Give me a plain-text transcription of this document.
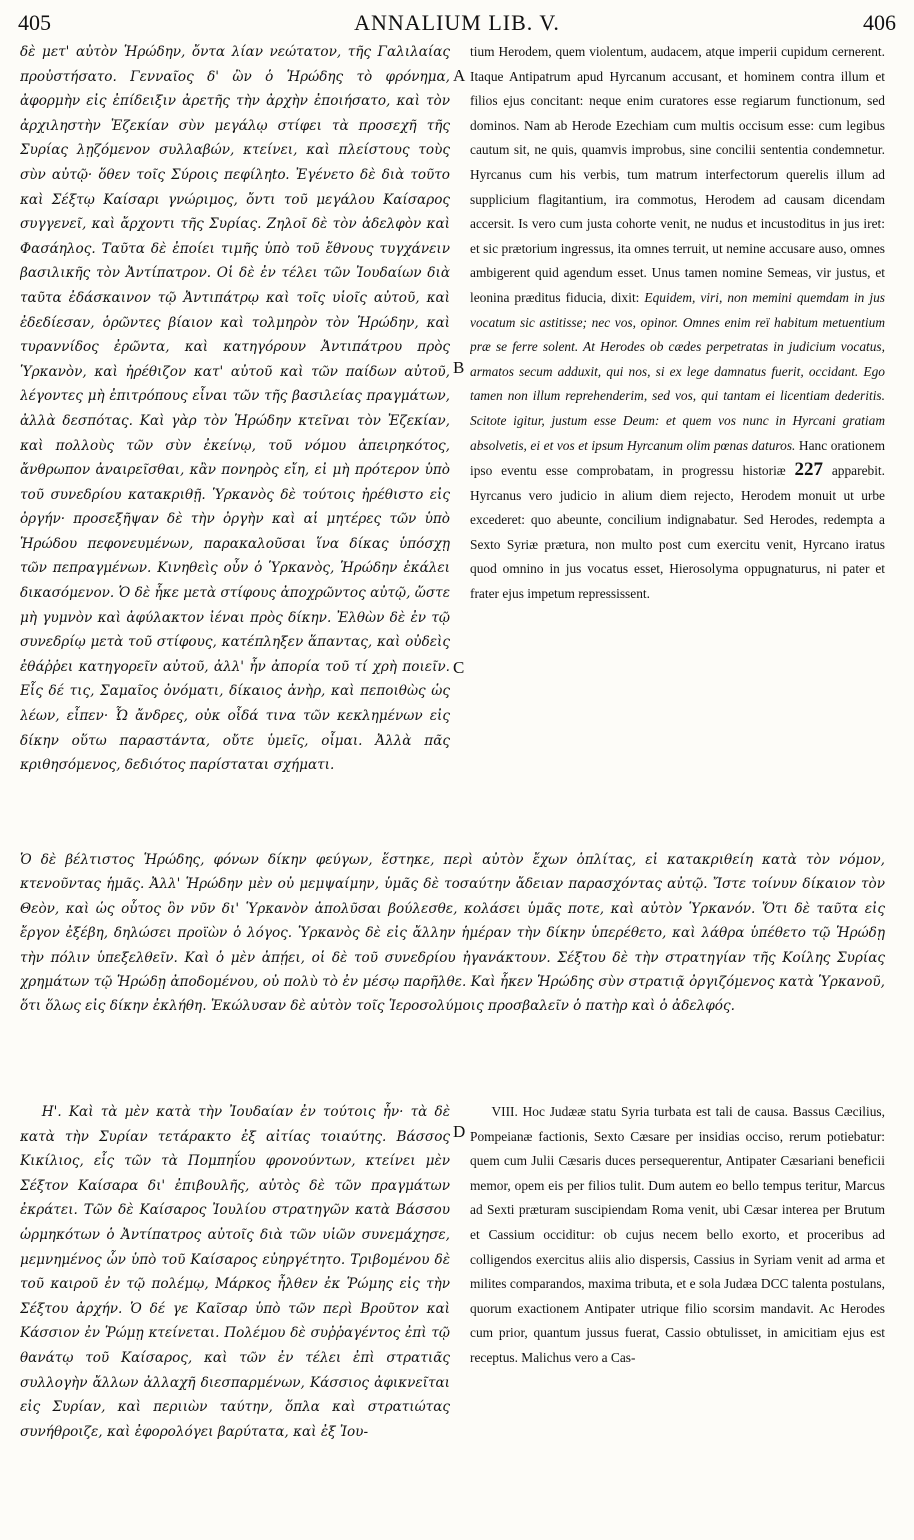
405	ANNALIUM LIB. V.	406

δὲ μετ' αὐτὸν Ἡρώδην, ὄντα λίαν νεώτατον, τῆς Γαλιλαίας προὐστήσατο. Γενναῖος δ' ὢν ὁ Ἡρώδης τὸ φρόνημα, ἀφορμὴν εἰς ἐπίδειξιν ἀρετῆς τὴν ἀρχὴν ἐποιήσατο, καὶ τὸν ἀρχιληστὴν Ἐζεκίαν σὺν μεγάλῳ στίφει τὰ προσεχῆ τῆς Συρίας λῃζόμενον συλλαβών, κτείνει, καὶ πλείστους τοὺς σὺν αὐτῷ· ὅθεν τοῖς Σύροις πεφίληto. Ἐγένετο δὲ διὰ τοῦτο καὶ Σέξτῳ Καίσαρι γνώριμος, ὄντι τοῦ μεγάλου Καίσαρος συγγενεῖ, καὶ ἄρχοντι τῆς Συρίας. Ζηλοῖ δὲ τὸν ἀδελφὸν καὶ Φασάηλος. Ταῦτα δὲ ἐποίει τιμῆς ὑπὸ τοῦ ἔθνους τυγχάνειν βασιλικῆς τὸν Ἀντίπατρον. Οἱ δὲ ἐν τέλει τῶν Ἰουδαίων διὰ ταῦτα ἐδάσκαινον τῷ Ἀντιπάτρῳ καὶ τοῖς υἱοῖς αὐτοῦ, καὶ ἐδεδίεσαν, ὁρῶντες βίαιον καὶ τολμηρὸν τὸν Ἡρώδην, καὶ τυραννίδος ἐρῶντα, καὶ κατηγόρουν Ἀντιπάτρου πρὸς Ὑρκανὸν, καὶ ἠρέθιζον κατ' αὐτοῦ καὶ τῶν παίδων αὐτοῦ, λέγοντες μὴ ἐπιτρόπους εἶναι τῶν τῆς βασιλείας πραγμάτων, ἀλλὰ δεσπότας. Καὶ γὰρ τὸν Ἡρώδην κτεῖναι τὸν Ἐζεκίαν, καὶ πολλοὺς τῶν σὺν ἐκείνῳ, τοῦ νόμου ἀπειρηκότος, ἄνθρωπον ἀναιρεῖσθαι, κἂν πονηρὸς εἴη, εἰ μὴ πρότερον ὑπὸ τοῦ συνεδρίου κατακριθῇ. Ὑρκανὸς δὲ τούτοις ἠρέθιστο εἰς ὀργήν· προσεξῆψαν δὲ τὴν ὀργὴν καὶ αἱ μητέρες τῶν ὑπὸ Ἡρώδου πεφονευμένων, παρακαλοῦσαι ἵνα δίκας ὑπόσχῃ τῶν πεπραγμένων. Κινηθεὶς οὖν ὁ Ὑρκανὸς, Ἡρώδην ἐκάλει δικασόμενον. Ὁ δὲ ἧκε μετὰ στίφους ἀποχρῶντος αὐτῷ, ὥστε μὴ γυμνὸν καὶ ἀφύλακτον ἰέναι πρὸς δίκην. Ἐλθὼν δὲ ἐν τῷ συνεδρίῳ μετὰ τοῦ στίφους, κατέπληξεν ἅπαντας, καὶ οὐδεὶς ἐθάῤῥει κατηγορεῖν αὐτοῦ, ἀλλ' ἦν ἀπορία τοῦ τί χρὴ ποιεῖν. Εἷς δέ τις, Σαμαῖος ὀνόματι, δίκαιος ἀνὴρ, καὶ πεποιθὼς ὡς λέων, εἶπεν· Ὦ ἄνδρες, οὐκ οἶδά τινα τῶν κεκλημένων εἰς δίκην οὕτω παραστάντα, οὔτε ὑμεῖς, οἶμαι. Ἀλλὰ πᾶς κριθησόμενος, δεδιότος παρίσταται σχήματι.

tium Herodem, quem violentum, audacem, atque imperii cupidum cernerent. Itaque Antipatrum apud Hyrcanum accusant, et hominem contra illum et filios ejus concitant: neque enim curatores esse regiarum functionum, sed dominos. Nam ab Herode Ezechiam cum multis occisum esse: cum legibus cautum sit, ne quis, quamvis improbus, sine concilii sententia condemnetur. Hyrcanus cum his verbis, tum matrum interfectorum querelis illum ad supplicium flagitantium, ira commotus, Herodem ad causam dicendam accersit. Is vero cum justa cohorte venit, ne nudus et incustoditus in jus iret: et sic prætorium ingressus, ita omnes terruit, ut nemine accusare auso, omnes ambigerent quid agendum esset. Unus tamen nomine Semeas, vir justus, et leonina præditus fiducia, dixit: Equidem, viri, non memini quemdam in jus vocatum sic astitisse; nec vos, opinor. Omnes enim reï habitum metuentium præ se ferre solent. At Herodes ob cædes perpetratas in judicium vocatus, armatos secum adduxit, qui nos, si ex lege damnatus fuerit, occidant. Ego tamen non illum reprehenderim, sed vos, qui tantam ei licentiam dederitis. Scitote igitur, justum esse Deum: et quem vos nunc in Hyrcani gratiam absolvetis, ei et vos et ipsum Hyrcanum olim pœnas daturos. Hanc orationem ipso eventu esse comprobatam, in progressu historiæ 227 apparebit. Hyrcanus vero judicio in alium diem rejecto, Herodem monuit ut urbe excederet: quo abeunte, concilium indignabatur. Sed Herodes, redempta a Sexto Syriæ prætura, non multo post cum exercitu venit, Hyrcano iratus quod omnino in jus vocatus esset, Hierosolyma oppugnaturus, ni pater et frater ejus impetum repressissent.

A
B
C
D

Ὁ δὲ βέλτιστος Ἡρώδης, φόνων δίκην φεύγων, ἕστηκε, περὶ αὐτὸν ἔχων ὁπλίτας, εἰ κατακριθείη κατὰ τὸν νόμον, κτενοῦντας ἡμᾶς. Ἀλλ' Ἡρώδην μὲν οὐ μεμψαίμην, ὑμᾶς δὲ τοσαύτην ἄδειαν παρασχόντας αὐτῷ. Ἴστε τοίνυν δίκαιον τὸν Θεὸν, καὶ ὡς οὗτος ὃν νῦν δι' Ὑρκανὸν ἀπολῦσαι βούλεσθε, κολάσει ὑμᾶς ποτε, καὶ αὐτὸν Ὑρκανόν. Ὅτι δὲ ταῦτα εἰς ἔργον ἐξέβη, δηλώσει προϊὼν ὁ λόγος. Ὑρκανὸς δὲ εἰς ἄλλην ἡμέραν τὴν δίκην ὑπερέθετο, καὶ λάθρα ὑπέθετο τῷ Ἡρώδῃ τὴν πόλιν ὑπεξελθεῖν. Καὶ ὁ μὲν ἀπῄει, οἱ δὲ τοῦ συνεδρίου ἠγανάκτουν. Σέξτου δὲ τὴν στρατηγίαν τῆς Κοίλης Συρίας χρημάτων τῷ Ἡρώδῃ ἀποδομένου, οὐ πολὺ τὸ ἐν μέσῳ παρῆλθε. Καὶ ἧκεν Ἡρώδης σὺν στρατιᾷ ὀργιζόμενος κατὰ Ὑρκανοῦ, ὅτι ὅλως εἰς δίκην ἐκλήθη. Ἐκώλυσαν δὲ αὐτὸν τοῖς Ἱεροσολύμοις προσβαλεῖν ὁ πατὴρ καὶ ὁ ἀδελφός.

Η'. Καὶ τὰ μὲν κατὰ τὴν Ἰουδαίαν ἐν τούτοις ἦν· τὰ δὲ κατὰ τὴν Συρίαν τετάρακτο ἐξ αἰτίας τοιαύτης. Βάσσος Κικίλιος, εἷς τῶν τὰ Πομπηΐου φρονούντων, κτείνει μὲν Σέξτον Καίσαρα δι' ἐπιβουλῆς, αὐτὸς δὲ τῶν πραγμάτων ἐκράτει. Τῶν δὲ Καίσαρος Ἰουλίου στρατηγῶν κατὰ Βάσσου ὡρμηκότων ὁ Ἀντίπατρος αὐτοῖς διὰ τῶν υἱῶν συνεμάχησε, μεμνημένος ὧν ὑπὸ τοῦ Καίσαρος εὐηργέτητο. Τριβομένου δὲ τοῦ καιροῦ ἐν τῷ πολέμῳ, Μάρκος ἦλθεν ἐκ Ῥώμης εἰς τὴν Σέξτου ἀρχήν. Ὁ δέ γε Καῖσαρ ὑπὸ τῶν περὶ Βροῦτον καὶ Κάσσιον ἐν Ῥώμῃ κτείνεται. Πολέμου δὲ συῤῥαγέντος ἐπὶ τῷ θανάτῳ τοῦ Καίσαρος, καὶ τῶν ἐν τέλει ἐπὶ στρατιᾶς συλλογὴν ἄλλων ἀλλαχῆ διεσπαρμένων, Κάσσιος ἀφικνεῖται εἰς Συρίαν, καὶ περιιὼν ταύτην, ὅπλα καὶ στρατιώτας συνήθροιζε, καὶ ἐφορολόγει βαρύτατα, καὶ ἐξ Ἰου-

VIII. Hoc Judææ statu Syria turbata est tali de causa. Bassus Cæcilius, Pompeianæ factionis, Sexto Cæsare per insidias occiso, rerum potiebatur: quem cum Julii Cæsaris duces persequerentur, Antipater Cæsariani beneficii memor, opem eis per filios tulit. Dum autem eo bello tempus teritur, Marcus ad Sexti præturam suscipiendam Roma venit, ubi Cæsar interea per Brutum et Cassium occiditur: ob cujus necem bello exorto, et proceribus ad colligendos exercitus aliis alio dispersis, Cassius in Syriam venit ad arma et milites comparandos, maxima tributa, et e sola Judæa DCC talenta postulans, quorum exactionem Antipater utrique filio scorsim mandavit. Ac Herodes cum prior, quantum jussus fuerat, Cassio obtulisset, in amicitiam ejus est receptus. Malichus vero a Cas-
